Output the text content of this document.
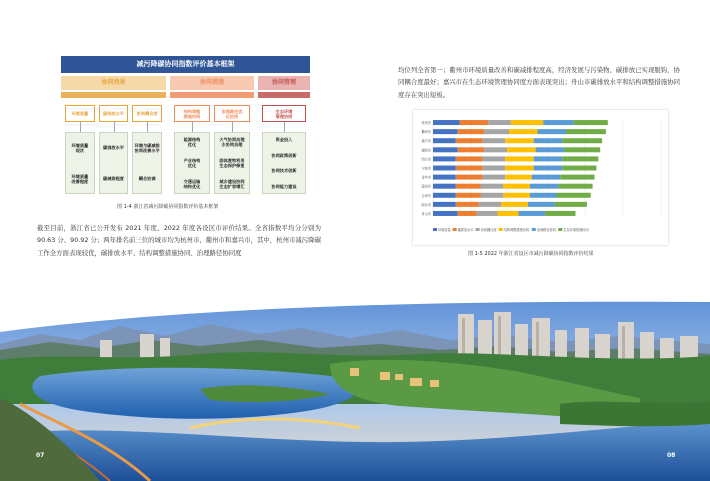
减污降碳协同指数评价基本框架
协同效果
环境质量
环境质量
现状
环境质量
改善程度
碳排放水平
碳排放水平
碳减排程度
协同耦合度
环境与碳减排
协同改善水平
耦合协调
协同措施
结构调整
措施协同
能源结构
优化
产业结构
优化
交通运输
结构优化
治理路径优
化协同
大气协同治理
水协同治理
固体废物利用
生态保护修复
城乡建设协同
生态扩容增汇
协同管理
生态环境
管理协同
资金投入
协同政策创新
协同技术创新
协同能力建设
图 1-4 浙江省减污降碳协同指数评价基本框架
截至目前，浙江省已公开发布 2021 年度、2022 年度各设区市评价结果。全省指数平均分分别为 90.63 分、90.92 分；两年排名前三位的城市均为杭州市、衢州市和嘉兴市，其中，杭州市减污降碳工作全方面表现较优，碳排放水平、结构调整措施协同、治理路径协同度
均位列全省第一；衢州市环境质量改善和碳减排程度高，经济发展与污染物、碳排放已实现脱钩，协同耦合度最好；嘉兴市在生态环境管理协同度方面表现突出；舟山市碳排放水平和结构调整措施协同度存在突出短板。
杭州市
衢州市
嘉兴市
湖州市
绍兴市
宁波市
金华市
温州市
台州市
丽水市
舟山市
环境质量 碳排放水平 协同耦合度 结构调整措施协同 治理路径协同 生态环境管理协同
图 1-5 2022 年浙江省设区市减污降碳协同指数评价结果
07	08
